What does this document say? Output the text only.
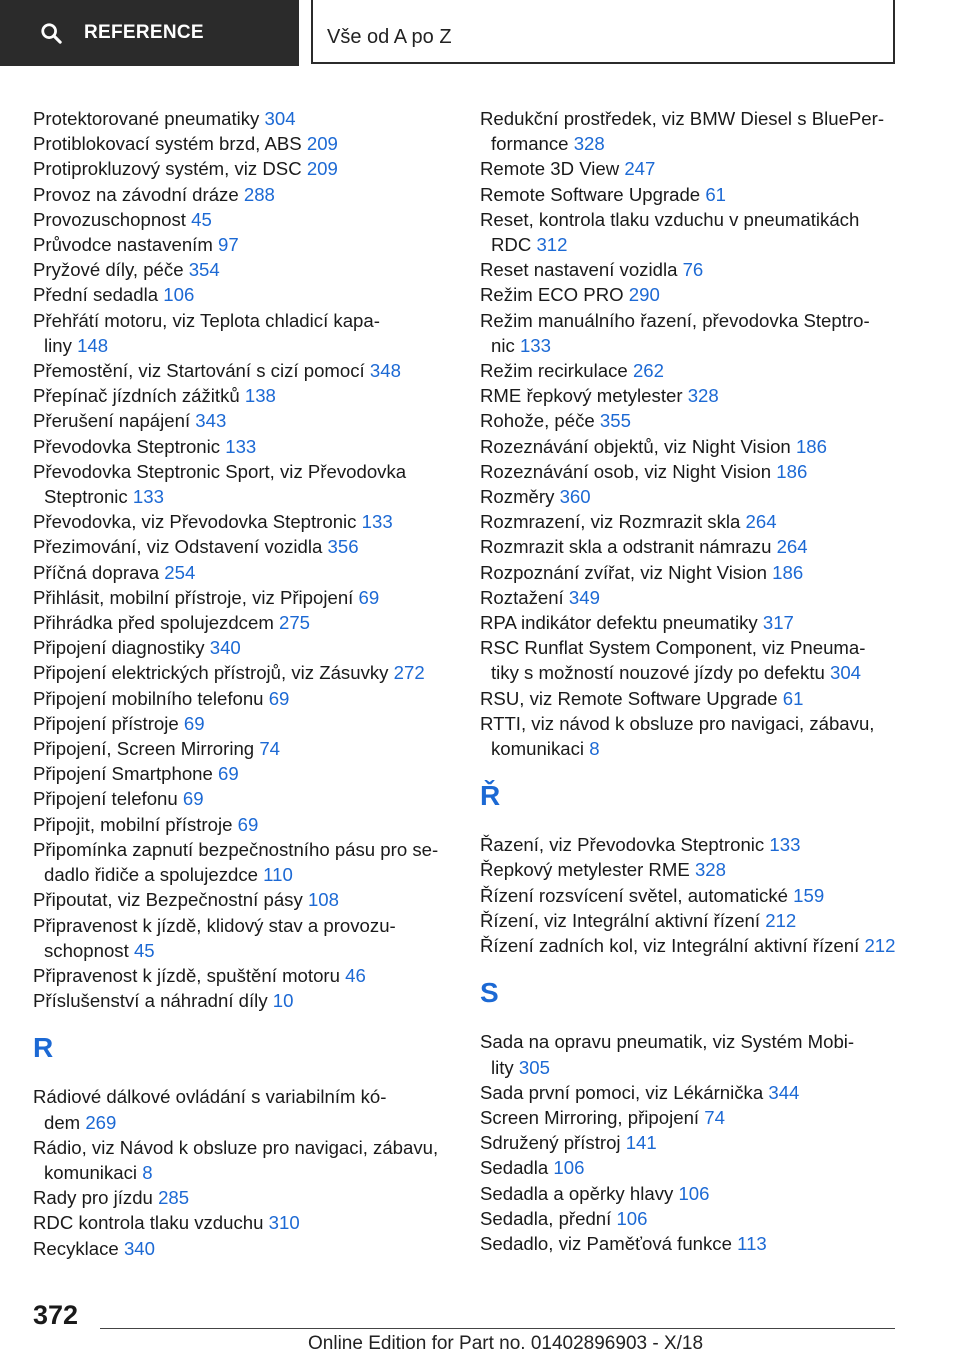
REFERENCE	Vše od A po Z
Protektorované pneumatiky 304
Protiblokovací systém brzd, ABS 209
Protiprokluzový systém, viz DSC 209
Provoz na závodní dráze 288
Provozuschopnost 45
Průvodce nastavením 97
Pryžové díly, péče 354
Přední sedadla 106
Přehřátí motoru, viz Teplota chladicí kapa-
liny 148
Přemostění, viz Startování s cizí pomocí 348
Přepínač jízdních zážitků 138
Přerušení napájení 343
Převodovka Steptronic 133
Převodovka Steptronic Sport, viz Převodovka
Steptronic 133
Převodovka, viz Převodovka Steptronic 133
Přezimování, viz Odstavení vozidla 356
Příčná doprava 254
Přihlásit, mobilní přístroje, viz Připojení 69
Přihrádka před spolujezdcem 275
Připojení diagnostiky 340
Připojení elektrických přístrojů, viz Zásuvky 272
Připojení mobilního telefonu 69
Připojení přístroje 69
Připojení, Screen Mirroring 74
Připojení Smartphone 69
Připojení telefonu 69
Připojit, mobilní přístroje 69
Připomínka zapnutí bezpečnostního pásu pro se-
dadlo řidiče a spolujezdce 110
Připoutat, viz Bezpečnostní pásy 108
Připravenost k jízdě, klidový stav a provozu-
schopnost 45
Připravenost k jízdě, spuštění motoru 46
Příslušenství a náhradní díly 10
R
Rádiové dálkové ovládání s variabilním kó-
dem 269
Rádio, viz Návod k obsluze pro navigaci, zábavu,
komunikaci 8
Rady pro jízdu 285
RDC kontrola tlaku vzduchu 310
Recyklace 340
Redukční prostředek, viz BMW Diesel s BluePer-
formance 328
Remote 3D View 247
Remote Software Upgrade 61
Reset, kontrola tlaku vzduchu v pneumatikách
RDC 312
Reset nastavení vozidla 76
Režim ECO PRO 290
Režim manuálního řazení, převodovka Steptro-
nic 133
Režim recirkulace 262
RME řepkový metylester 328
Rohože, péče 355
Rozeznávání objektů, viz Night Vision 186
Rozeznávání osob, viz Night Vision 186
Rozměry 360
Rozmrazení, viz Rozmrazit skla 264
Rozmrazit skla a odstranit námrazu 264
Rozpoznání zvířat, viz Night Vision 186
Roztažení 349
RPA indikátor defektu pneumatiky 317
RSC Runflat System Component, viz Pneuma-
tiky s možností nouzové jízdy po defektu 304
RSU, viz Remote Software Upgrade 61
RTTI, viz návod k obsluze pro navigaci, zábavu,
komunikaci 8
Ř
Řazení, viz Převodovka Steptronic 133
Řepkový metylester RME 328
Řízení rozsvícení světel, automatické 159
Řízení, viz Integrální aktivní řízení 212
Řízení zadních kol, viz Integrální aktivní řízení 212
S
Sada na opravu pneumatik, viz Systém Mobi-
lity 305
Sada první pomoci, viz Lékárnička 344
Screen Mirroring, připojení 74
Sdružený přístroj 141
Sedadla 106
Sedadla a opěrky hlavy 106
Sedadla, přední 106
Sedadlo, viz Paměťová funkce 113
372
Online Edition for Part no. 01402896903 - X/18
